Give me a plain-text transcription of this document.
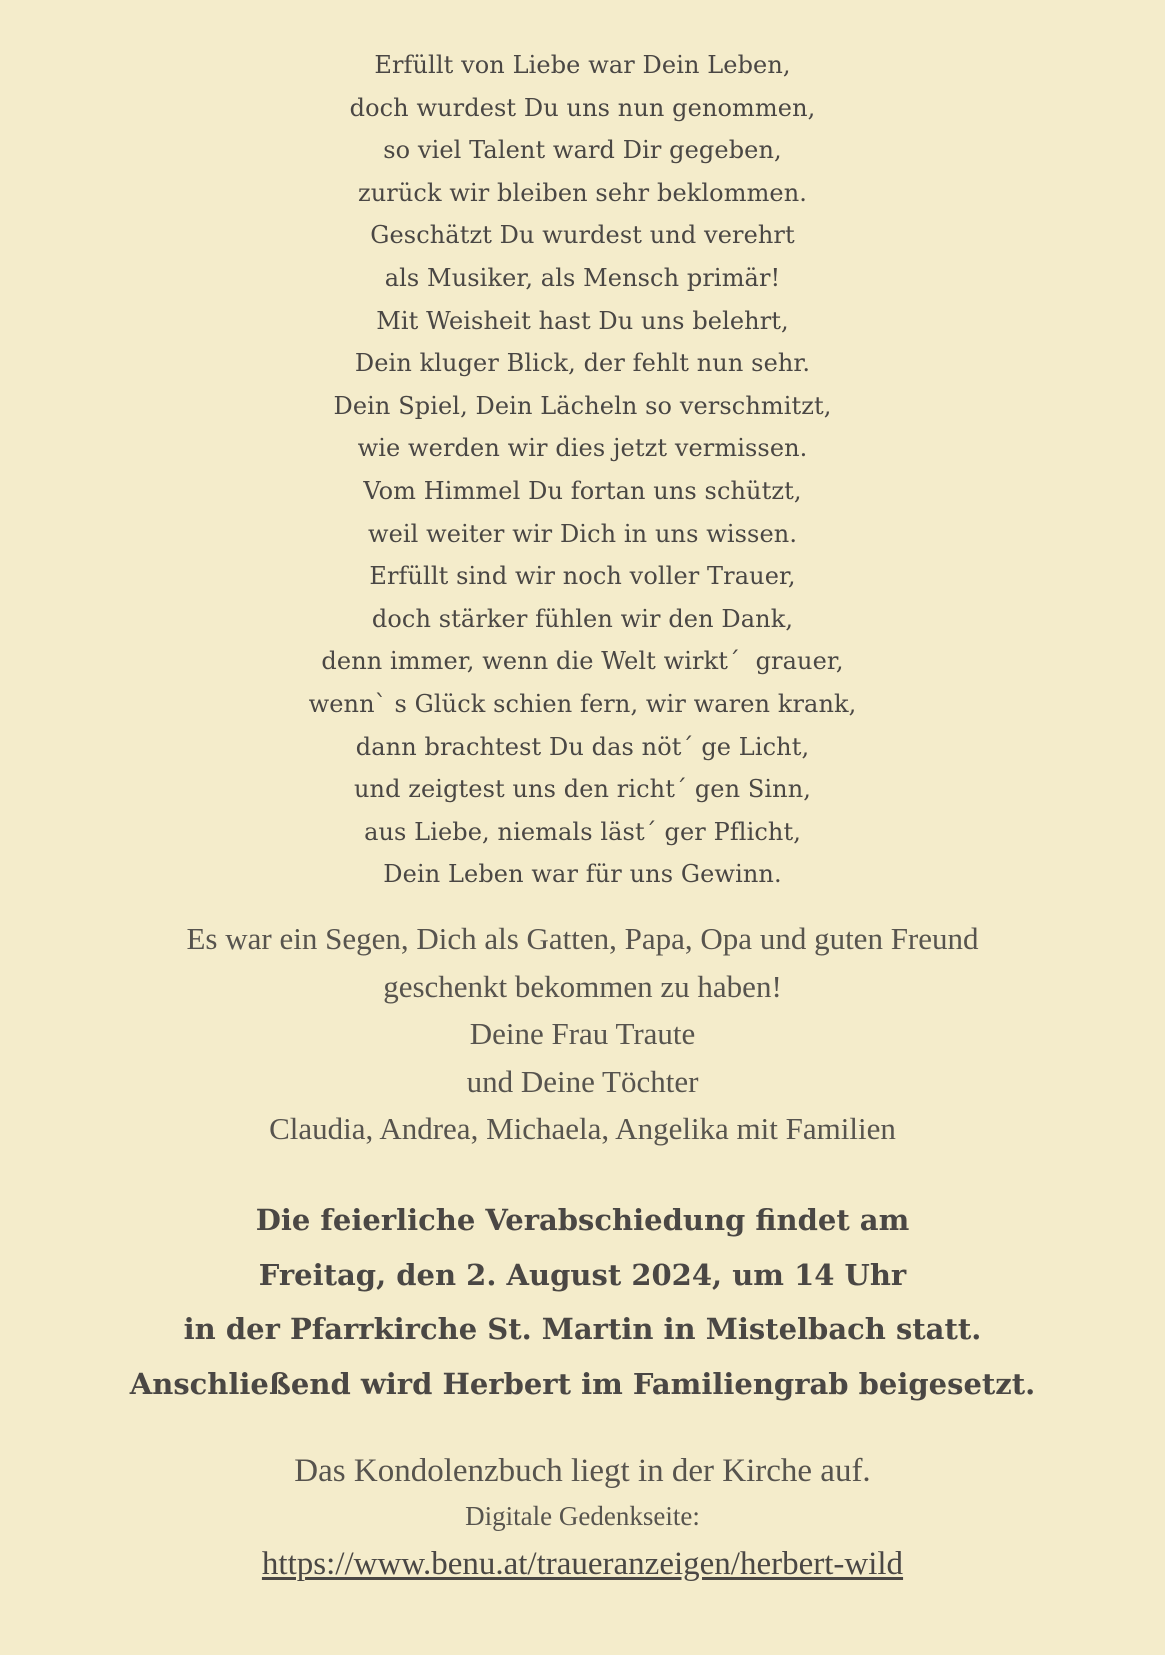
Erfüllt von Liebe war Dein Leben,
doch wurdest Du uns nun genommen,
so viel Talent ward Dir gegeben,
zurück wir bleiben sehr beklommen.
Geschätzt Du wurdest und verehrt
als Musiker, als Mensch primär!
Mit Weisheit hast Du uns belehrt,
Dein kluger Blick, der fehlt nun sehr.
Dein Spiel, Dein Lächeln so verschmitzt,
wie werden wir dies jetzt vermissen.
Vom Himmel Du fortan uns schützt,
weil weiter wir Dich in uns wissen.
Erfüllt sind wir noch voller Trauer,
doch stärker fühlen wir den Dank,
denn immer, wenn die Welt wirkt´  grauer,
wenn` s Glück schien fern, wir waren krank,
dann brachtest Du das nöt´ ge Licht,
und zeigtest uns den richt´ gen Sinn,
aus Liebe, niemals läst´ ger Pflicht,
Dein Leben war für uns Gewinn.
Es war ein Segen, Dich als Gatten, Papa, Opa und guten Freund
geschenkt bekommen zu haben!
Deine Frau Traute
und Deine Töchter
Claudia, Andrea, Michaela, Angelika mit Familien
Die feierliche Verabschiedung findet am
Freitag, den 2. August 2024, um 14 Uhr
in der Pfarrkirche St. Martin in Mistelbach statt.
Anschließend wird Herbert im Familiengrab beigesetzt.
Das Kondolenzbuch liegt in der Kirche auf.
Digitale Gedenkseite:
https://www.benu.at/traueranzeigen/herbert-wild
